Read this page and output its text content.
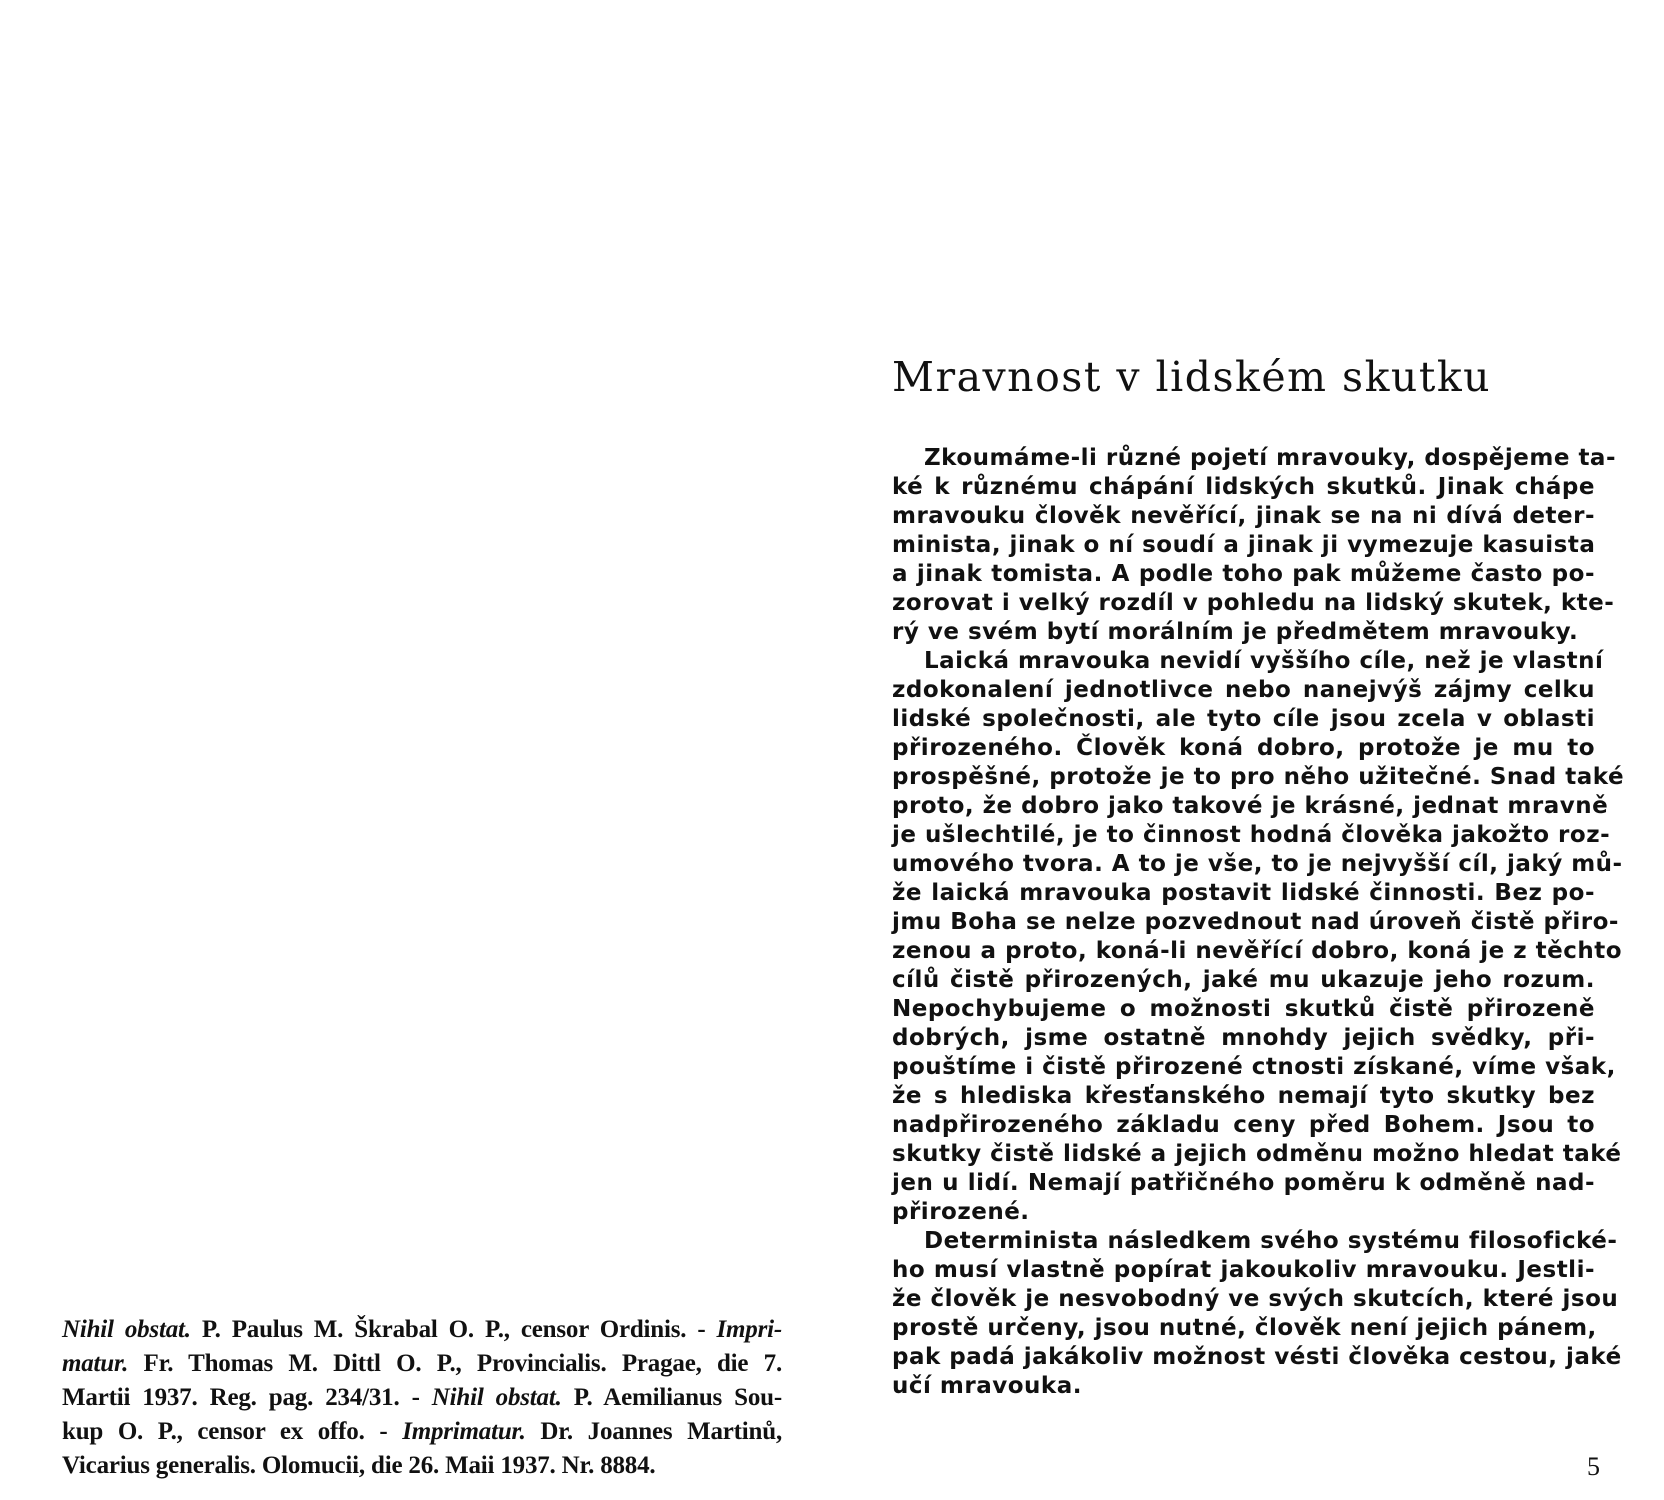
Nihil obstat. P. Paulus M. Škrabal O. P., censor Ordinis. - Impri-
matur. Fr. Thomas M. Dittl O. P., Provincialis. Pragae, die 7.
Martii 1937. Reg. pag. 234/31. - Nihil obstat. P. Aemilianus Sou-
kup O. P., censor ex offo. - Imprimatur. Dr. Joannes Martinů,
Vicarius generalis. Olomucii, die 26. Maii 1937. Nr. 8884.
Mravnost v lidském skutku

Zkoumáme-li různé pojetí mravouky, dospějeme ta-
ké k různému chápání lidských skutků. Jinak chápe
mravouku člověk nevěřící, jinak se na ni dívá deter-
minista, jinak o ní soudí a jinak ji vymezuje kasuista
a jinak tomista. A podle toho pak můžeme často po-
zorovat i velký rozdíl v pohledu na lidský skutek, kte-
rý ve svém bytí morálním je předmětem mravouky.

Laická mravouka nevidí vyššího cíle, než je vlastní
zdokonalení jednotlivce nebo nanejvýš zájmy celku
lidské společnosti, ale tyto cíle jsou zcela v oblasti
přirozeného. Člověk koná dobro, protože je mu to
prospěšné, protože je to pro něho užitečné. Snad také
proto, že dobro jako takové je krásné, jednat mravně
je ušlechtilé, je to činnost hodná člověka jakožto roz-
umového tvora. A to je vše, to je nejvyšší cíl, jaký mů-
že laická mravouka postavit lidské činnosti. Bez po-
jmu Boha se nelze pozvednout nad úroveň čistě přiro-
zenou a proto, koná-li nevěřící dobro, koná je z těchto
cílů čistě přirozených, jaké mu ukazuje jeho rozum.
Nepochybujeme o možnosti skutků čistě přirozeně
dobrých, jsme ostatně mnohdy jejich svědky, při-
pouštíme i čistě přirozené ctnosti získané, víme však,
že s hlediska křesťanského nemají tyto skutky bez
nadpřirozeného základu ceny před Bohem. Jsou to
skutky čistě lidské a jejich odměnu možno hledat také
jen u lidí. Nemají patřičného poměru k odměně nad-
přirozené.

Determinista následkem svého systému filosofické-
ho musí vlastně popírat jakoukoliv mravouku. Jestli-
že člověk je nesvobodný ve svých skutcích, které jsou
prostě určeny, jsou nutné, člověk není jejich pánem,
pak padá jakákoliv možnost vésti člověka cestou, jaké
učí mravouka.

5
